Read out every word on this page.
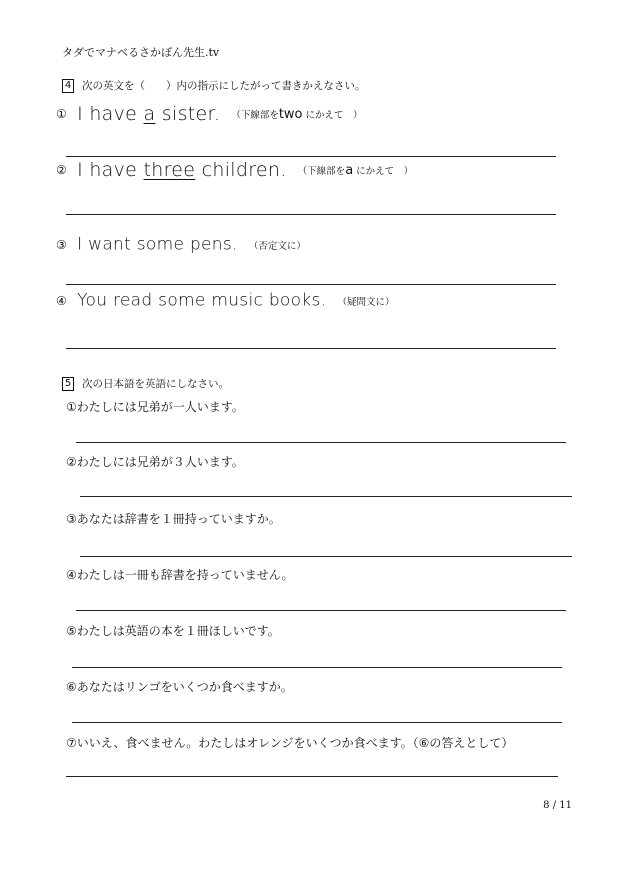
タダでマナベるさかぼん先生.tv
4 次の英文を（　　）内の指示にしたがって書きかえなさい。
① I have a sister. （下線部をtwo にかえて　）
② I have three children. （下線部をa にかえて　）
③ I want some pens. （否定文に）
④ You read some music books. （疑問文に）
5 次の日本語を英語にしなさい。
①わたしには兄弟が一人います。
②わたしには兄弟が３人います。
③あなたは辞書を１冊持っていますか。
④わたしは一冊も辞書を持っていません。
⑤わたしは英語の本を１冊ほしいです。
⑥あなたはリンゴをいくつか食べますか。
⑦いいえ、食べません。わたしはオレンジをいくつか食べます。（⑥の答えとして）
8 / 11
